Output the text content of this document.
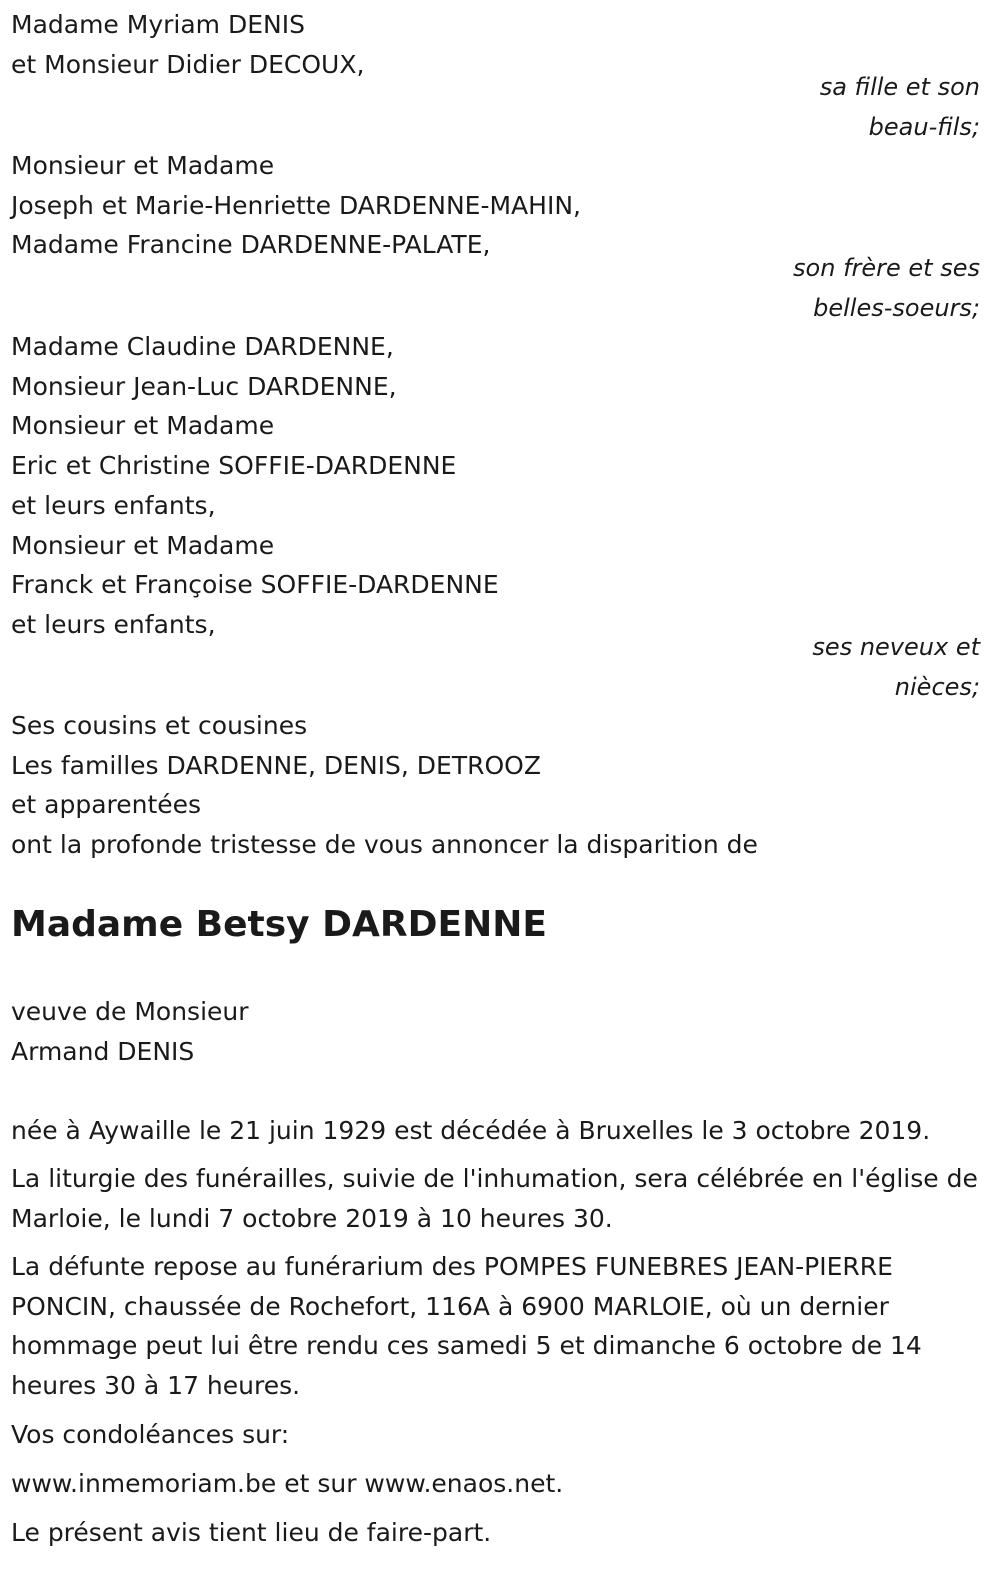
Madame Myriam DENIS
et Monsieur Didier DECOUX,
sa fille et son
beau-fils;
Monsieur et Madame
Joseph et Marie-Henriette DARDENNE-MAHIN,
Madame Francine DARDENNE-PALATE,
son frère et ses
belles-soeurs;
Madame Claudine DARDENNE,
Monsieur Jean-Luc DARDENNE,
Monsieur et Madame
Eric et Christine SOFFIE-DARDENNE
et leurs enfants,
Monsieur et Madame
Franck et Françoise SOFFIE-DARDENNE
et leurs enfants,
ses neveux et
nièces;
Ses cousins et cousines
Les familles DARDENNE, DENIS, DETROOZ
et apparentées
ont la profonde tristesse de vous annoncer la disparition de
Madame Betsy DARDENNE
veuve de Monsieur
Armand DENIS

née à Aywaille le 21 juin 1929 est décédée à Bruxelles le 3 octobre 2019.

La liturgie des funérailles, suivie de l'inhumation, sera célébrée en l'église de Marloie, le lundi 7 octobre 2019 à 10 heures 30.

La défunte repose au funérarium des POMPES FUNEBRES JEAN-PIERRE PONCIN, chaussée de Rochefort, 116A à 6900 MARLOIE, où un dernier hommage peut lui être rendu ces samedi 5 et dimanche 6 octobre de 14 heures 30 à 17 heures.

Vos condoléances sur:

www.inmemoriam.be et sur www.enaos.net.

Le présent avis tient lieu de faire-part.
